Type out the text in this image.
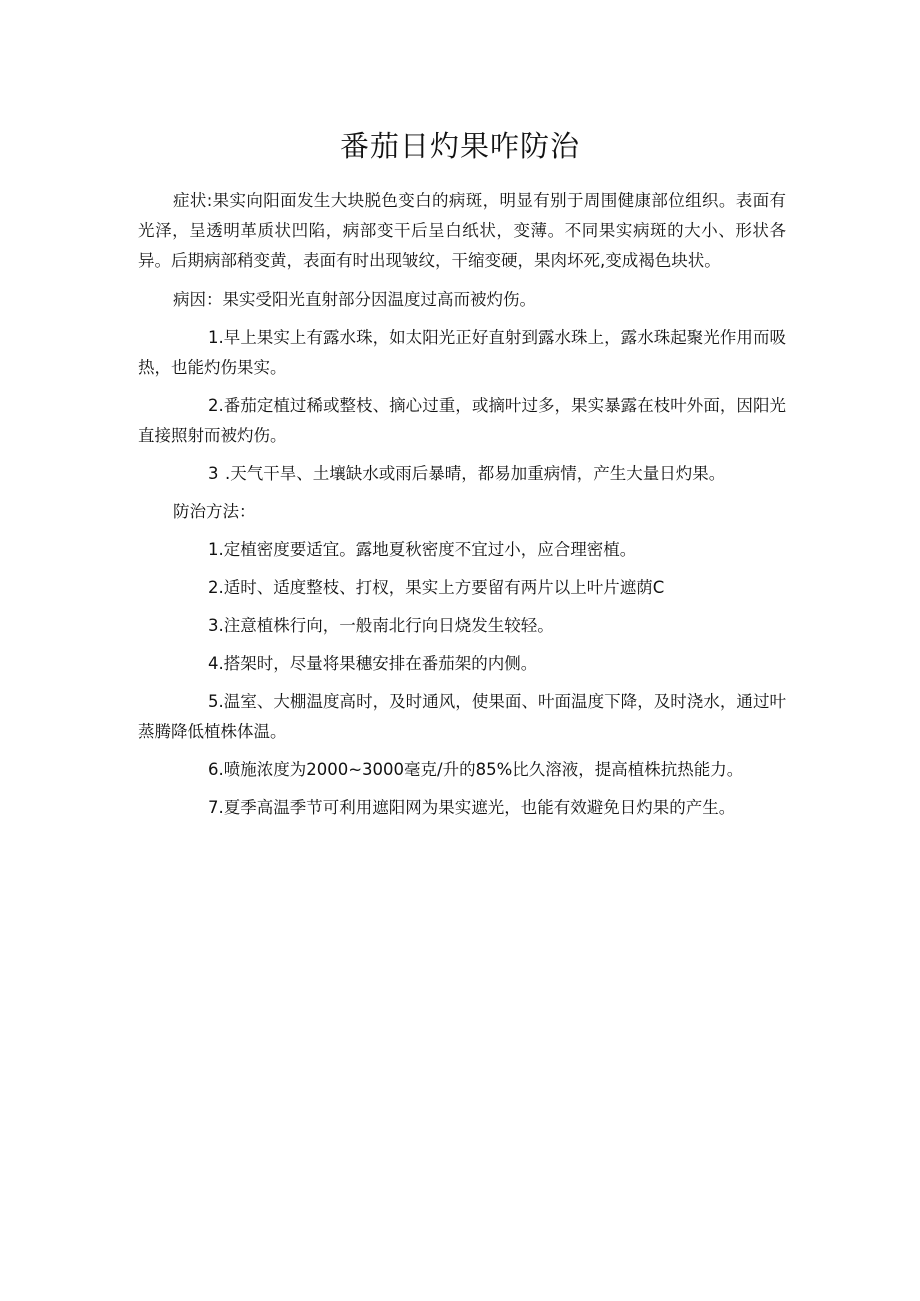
番茄日灼果咋防治

症状:果实向阳面发生大块脱色变白的病斑，明显有别于周围健康部位组织。表面有光泽，呈透明革质状凹陷，病部变干后呈白纸状，变薄。不同果实病斑的大小、形状各异。后期病部稍变黄，表面有时出现皱纹，干缩变硬，果肉坏死,变成褐色块状。

病因：果实受阳光直射部分因温度过高而被灼伤。

1.早上果实上有露水珠，如太阳光正好直射到露水珠上，露水珠起聚光作用而吸热，也能灼伤果实。

2.番茄定植过稀或整枝、摘心过重，或摘叶过多，果实暴露在枝叶外面，因阳光直接照射而被灼伤。

3 .天气干旱、土壤缺水或雨后暴晴，都易加重病情，产生大量日灼果。

防治方法：

1.定植密度要适宜。露地夏秋密度不宜过小，应合理密植。

2.适时、适度整枝、打杈，果实上方要留有两片以上叶片遮荫C

3.注意植株行向，一般南北行向日烧发生较轻。

4.搭架时，尽量将果穗安排在番茄架的内侧。

5.温室、大棚温度高时，及时通风，使果面、叶面温度下降，及时浇水，通过叶蒸腾降低植株体温。

6.喷施浓度为2000~3000毫克/升的85%比久溶液，提高植株抗热能力。

7.夏季高温季节可利用遮阳网为果实遮光，也能有效避免日灼果的产生。
